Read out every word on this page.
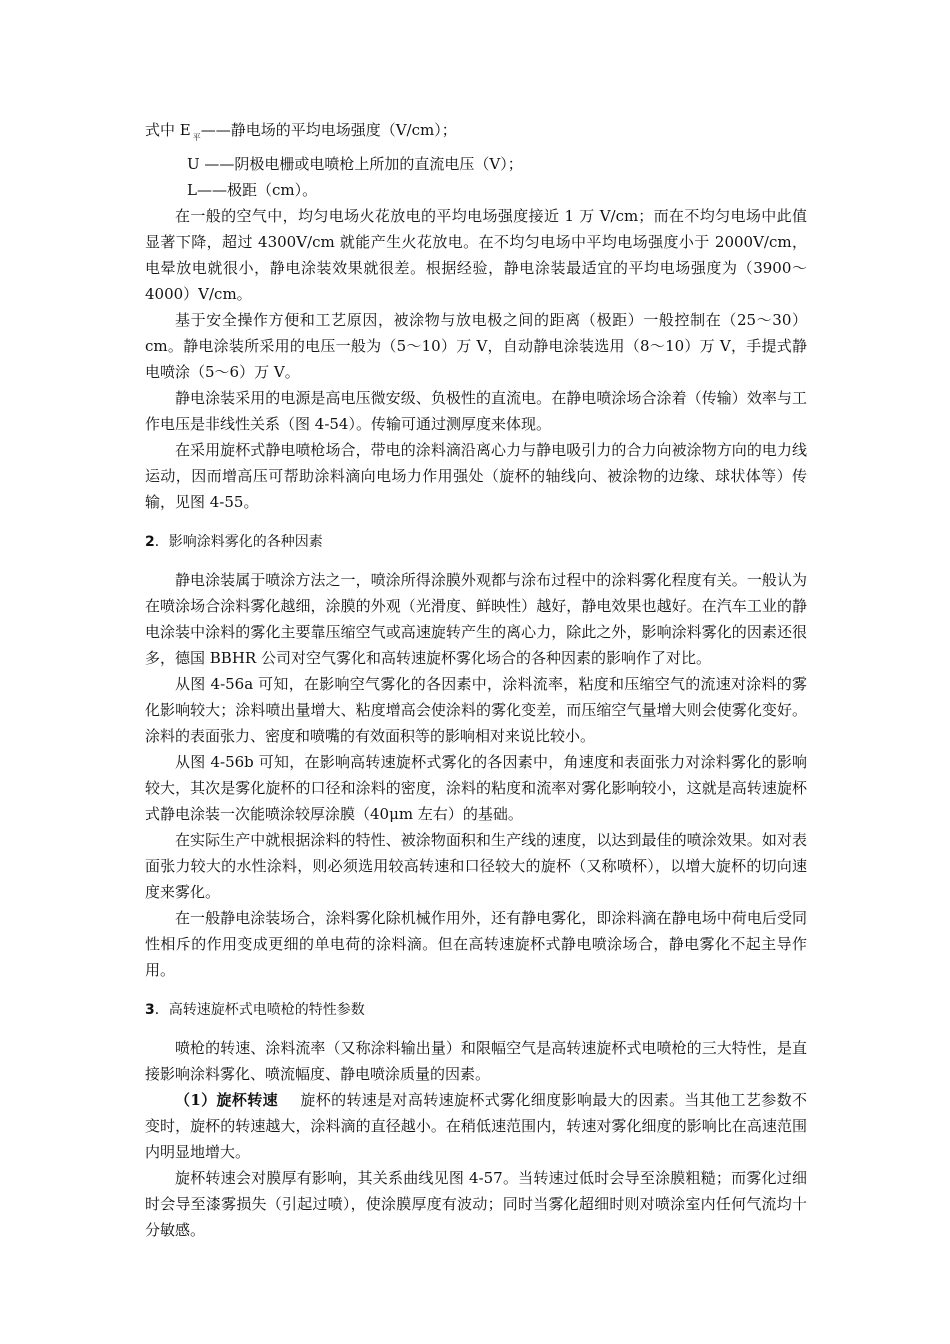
式中 E $_平$——静电场的平均电场强度（V/cm）；
U ——阴极电栅或电喷枪上所加的直流电压（V）；
L——极距（cm）。

在一般的空气中，均匀电场火花放电的平均电场强度接近 1 万 V/cm；而在不均匀电场中此值显著下降，超过 4300V/cm 就能产生火花放电。在不均匀电场中平均电场强度小于 2000V/cm，电晕放电就很小，静电涂装效果就很差。根据经验，静电涂装最适宜的平均电场强度为（3900～4000）V/cm。

基于安全操作方便和工艺原因，被涂物与放电极之间的距离（极距）一般控制在（25～30）cm。静电涂装所采用的电压一般为（5～10）万 V，自动静电涂装选用（8～10）万 V，手提式静电喷涂（5～6）万 V。

静电涂装采用的电源是高电压微安级、负极性的直流电。在静电喷涂场合涂着（传输）效率与工作电压是非线性关系（图 4-54）。传输可通过测厚度来体现。

在采用旋杯式静电喷枪场合，带电的涂料滴沿离心力与静电吸引力的合力向被涂物方向的电力线运动，因而增高压可帮助涂料滴向电场力作用强处（旋杯的轴线向、被涂物的边缘、球状体等）传输，见图 4-55。

2．影响涂料雾化的各种因素

静电涂装属于喷涂方法之一，喷涂所得涂膜外观都与涂布过程中的涂料雾化程度有关。一般认为在喷涂场合涂料雾化越细，涂膜的外观（光滑度、鲜映性）越好，静电效果也越好。在汽车工业的静电涂装中涂料的雾化主要靠压缩空气或高速旋转产生的离心力，除此之外，影响涂料雾化的因素还很多，德国 BBHR 公司对空气雾化和高转速旋杯雾化场合的各种因素的影响作了对比。

从图 4-56a 可知，在影响空气雾化的各因素中，涂料流率，粘度和压缩空气的流速对涂料的雾化影响较大；涂料喷出量增大、粘度增高会使涂料的雾化变差，而压缩空气量增大则会使雾化变好。涂料的表面张力、密度和喷嘴的有效面积等的影响相对来说比较小。

从图 4-56b 可知，在影响高转速旋杯式雾化的各因素中，角速度和表面张力对涂料雾化的影响较大，其次是雾化旋杯的口径和涂料的密度，涂料的粘度和流率对雾化影响较小，这就是高转速旋杯式静电涂装一次能喷涂较厚涂膜（40μm 左右）的基础。

在实际生产中就根据涂料的特性、被涂物面积和生产线的速度，以达到最佳的喷涂效果。如对表面张力较大的水性涂料，则必须选用较高转速和口径较大的旋杯（又称喷杯），以增大旋杯的切向速度来雾化。

在一般静电涂装场合，涂料雾化除机械作用外，还有静电雾化，即涂料滴在静电场中荷电后受同性相斥的作用变成更细的单电荷的涂料滴。但在高转速旋杯式静电喷涂场合，静电雾化不起主导作用。

3．高转速旋杯式电喷枪的特性参数

喷枪的转速、涂料流率（又称涂料输出量）和限幅空气是高转速旋杯式电喷枪的三大特性，是直接影响涂料雾化、喷流幅度、静电喷涂质量的因素。

（1）旋杯转速 旋杯的转速是对高转速旋杯式雾化细度影响最大的因素。当其他工艺参数不变时，旋杯的转速越大，涂料滴的直径越小。在稍低速范围内，转速对雾化细度的影响比在高速范围内明显地增大。

旋杯转速会对膜厚有影响，其关系曲线见图 4-57。当转速过低时会导至涂膜粗糙；而雾化过细时会导至漆雾损失（引起过喷），使涂膜厚度有波动；同时当雾化超细时则对喷涂室内任何气流均十分敏感。
